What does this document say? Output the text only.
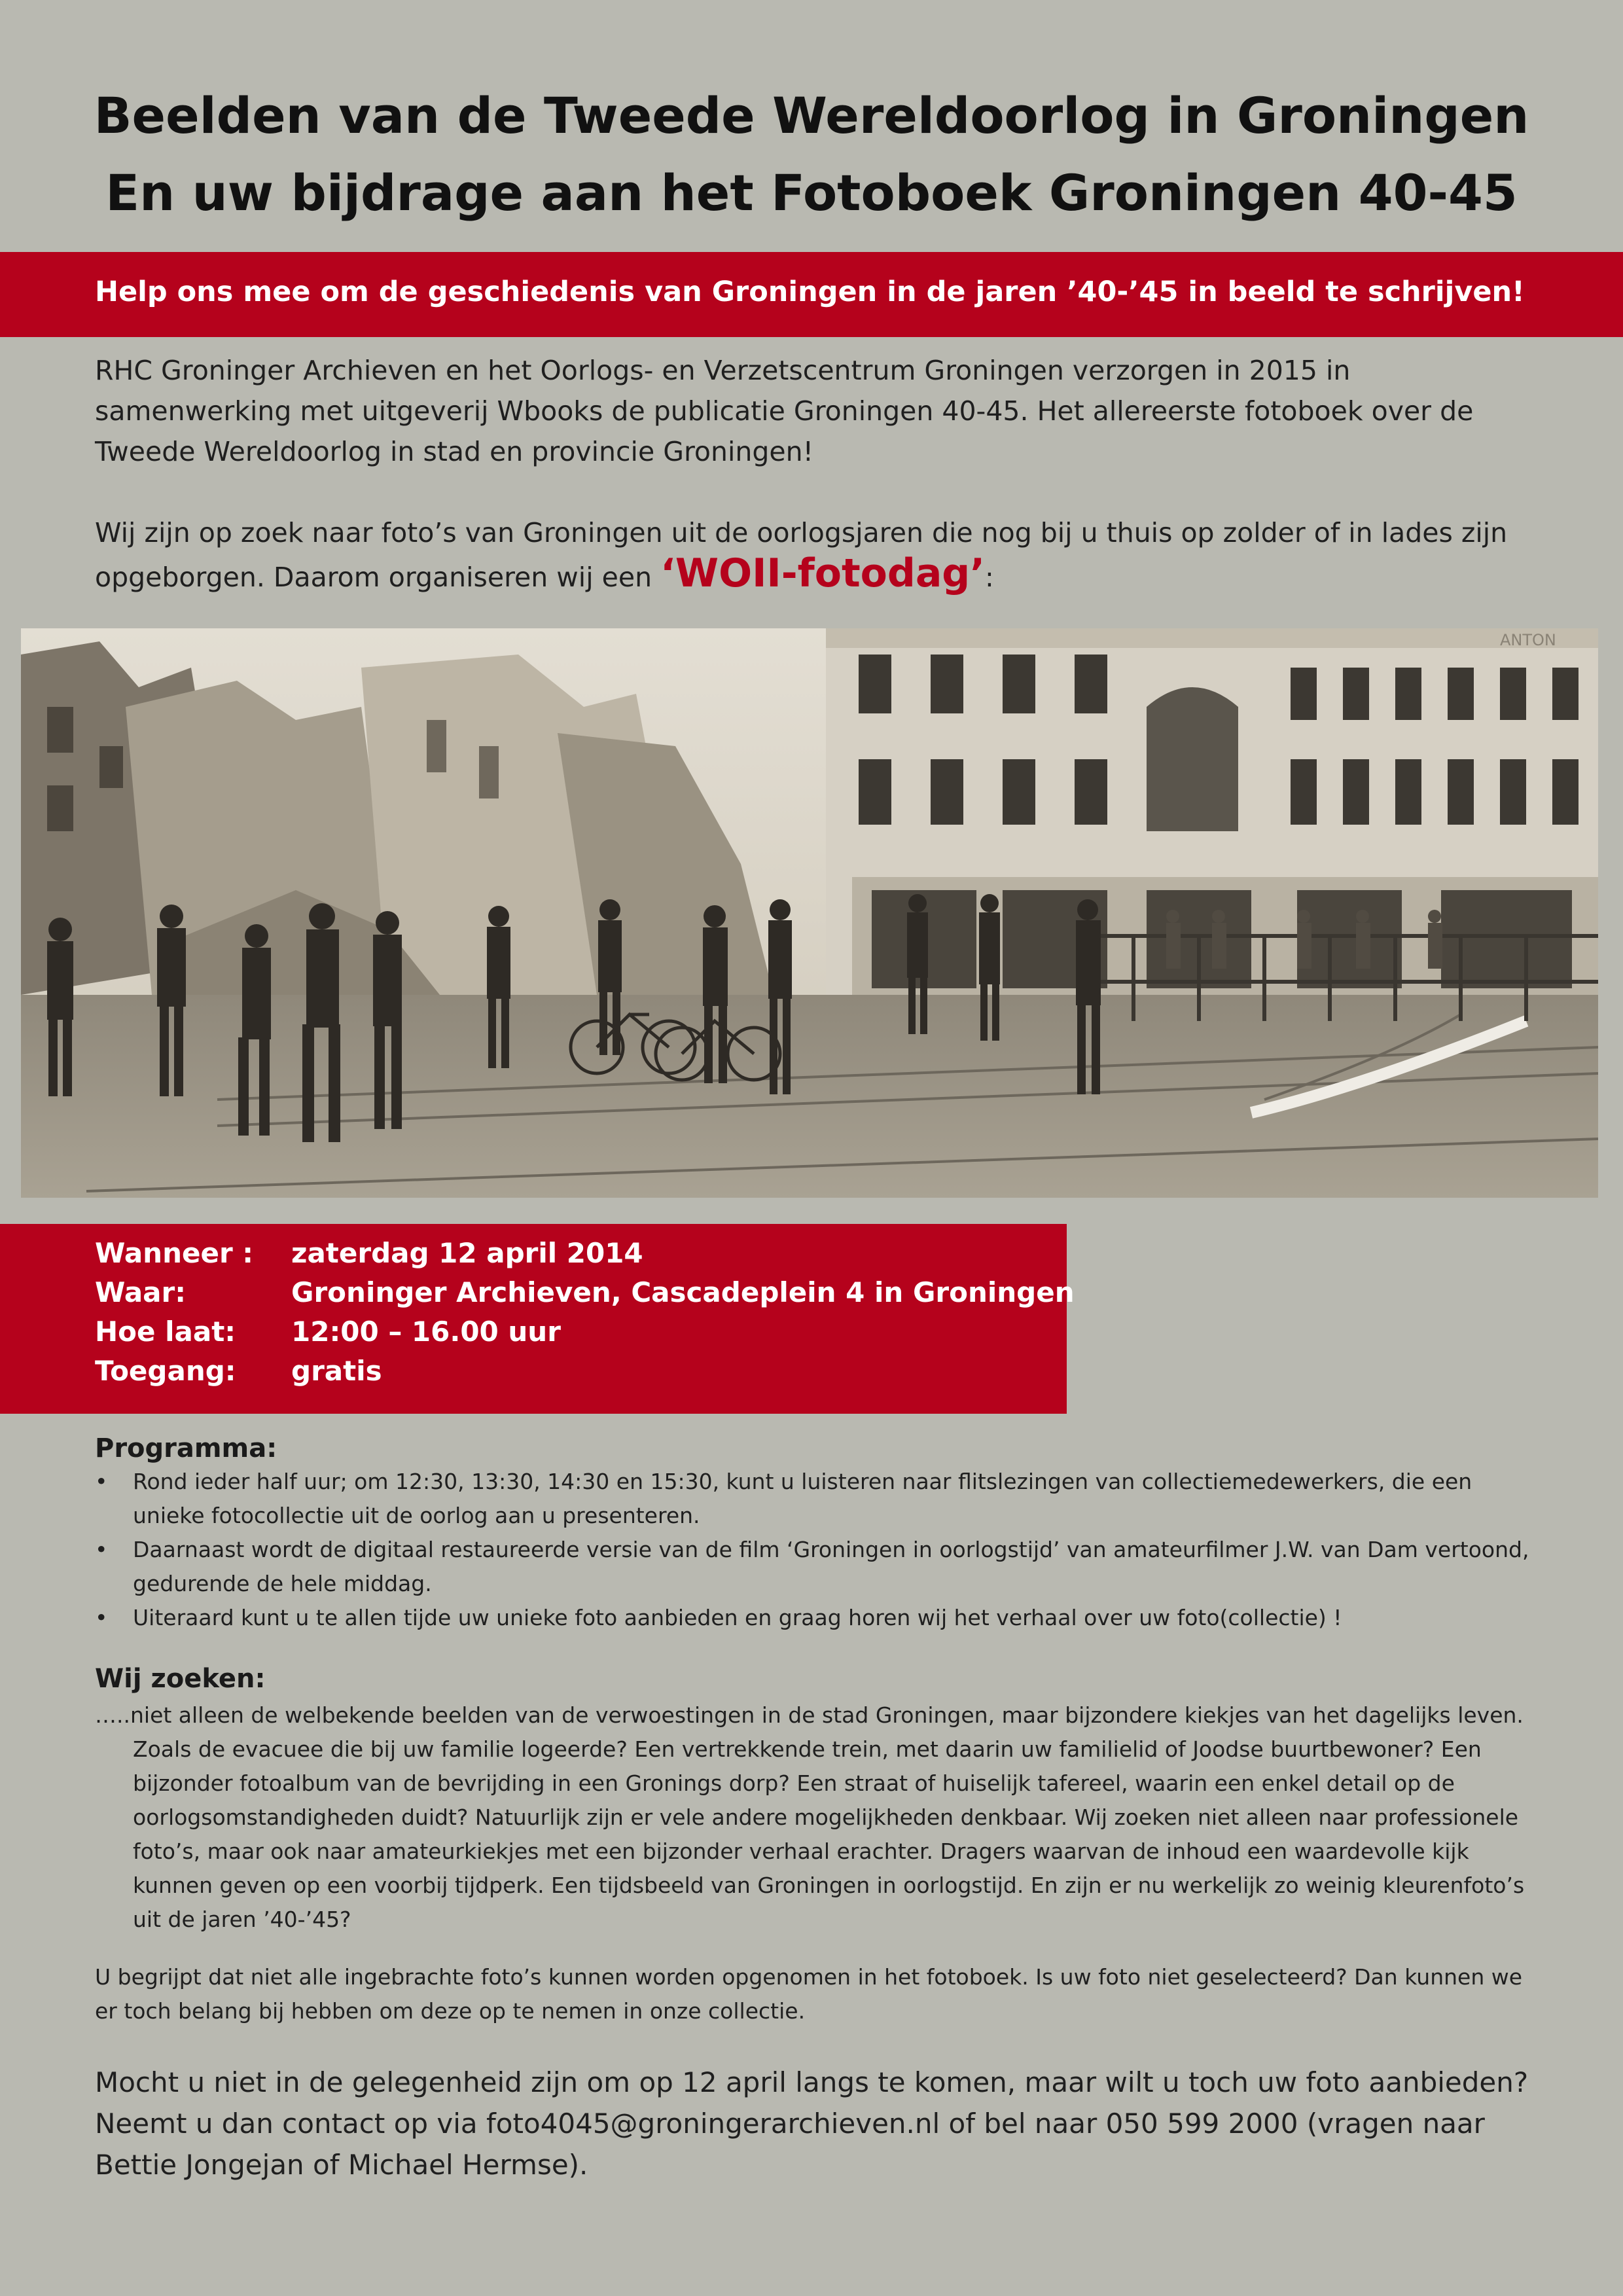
Beelden van de Tweede Wereldoorlog in Groningen
En uw bijdrage aan het Fotoboek Groningen 40-45
Help ons mee om de geschiedenis van Groningen in de jaren ’40-’45 in beeld te schrijven!

RHC Groninger Archieven en het Oorlogs- en Verzetscentrum Groningen verzorgen in 2015 in samenwerking met uitgeverij Wbooks de publicatie Groningen 40-45. Het allereerste fotoboek over de Tweede Wereldoorlog in stad en provincie Groningen!

Wij zijn op zoek naar foto’s van Groningen uit de oorlogsjaren die nog bij u thuis op zolder of in lades zijn opgeborgen. Daarom organiseren wij een ‘WOII-fotodag’:

ANTON
Wanneer : zaterdag 12 april 2014
Waar:	Groninger Archieven, Cascadeplein 4 in Groningen
Hoe laat: 12:00 – 16.00 uur
Toegang: gratis
Programma:
• Rond ieder half uur; om 12:30, 13:30, 14:30 en 15:30, kunt u luisteren naar flitslezingen van collectiemedewerkers, die een unieke fotocollectie uit de oorlog aan u presenteren.
• Daarnaast wordt de digitaal restaureerde versie van de film ‘Groningen in oorlogstijd’ van amateurfilmer J.W. van Dam vertoond, gedurende de hele middag.
• Uiteraard kunt u te allen tijde uw unieke foto aanbieden en graag horen wij het verhaal over uw foto(collectie) !
Wij zoeken:
…..niet alleen de welbekende beelden van de verwoestingen in de stad Groningen, maar bijzondere kiekjes van het dagelijks leven. Zoals de evacuee die bij uw familie logeerde? Een vertrekkende trein, met daarin uw familielid of Joodse buurtbewoner? Een bijzonder fotoalbum van de bevrijding in een Gronings dorp? Een straat of huiselijk tafereel, waarin een enkel detail op de oorlogsomstandigheden duidt? Natuurlijk zijn er vele andere mogelijkheden denkbaar. Wij zoeken niet alleen naar professionele foto’s, maar ook naar amateurkiekjes met een bijzonder verhaal erachter. Dragers waarvan de inhoud een waardevolle kijk kunnen geven op een voorbij tijdperk. Een tijdsbeeld van Groningen in oorlogstijd. En zijn er nu werkelijk zo weinig kleurenfoto’s uit de jaren ’40-’45?
U begrijpt dat niet alle ingebrachte foto’s kunnen worden opgenomen in het fotoboek. Is uw foto niet geselecteerd? Dan kunnen we er toch belang bij hebben om deze op te nemen in onze collectie.
Mocht u niet in de gelegenheid zijn om op 12 april langs te komen, maar wilt u toch uw foto aanbieden? Neemt u dan contact op via foto4045@groningerarchieven.nl of bel naar 050 599 2000 (vragen naar Bettie Jongejan of Michael Hermse).
